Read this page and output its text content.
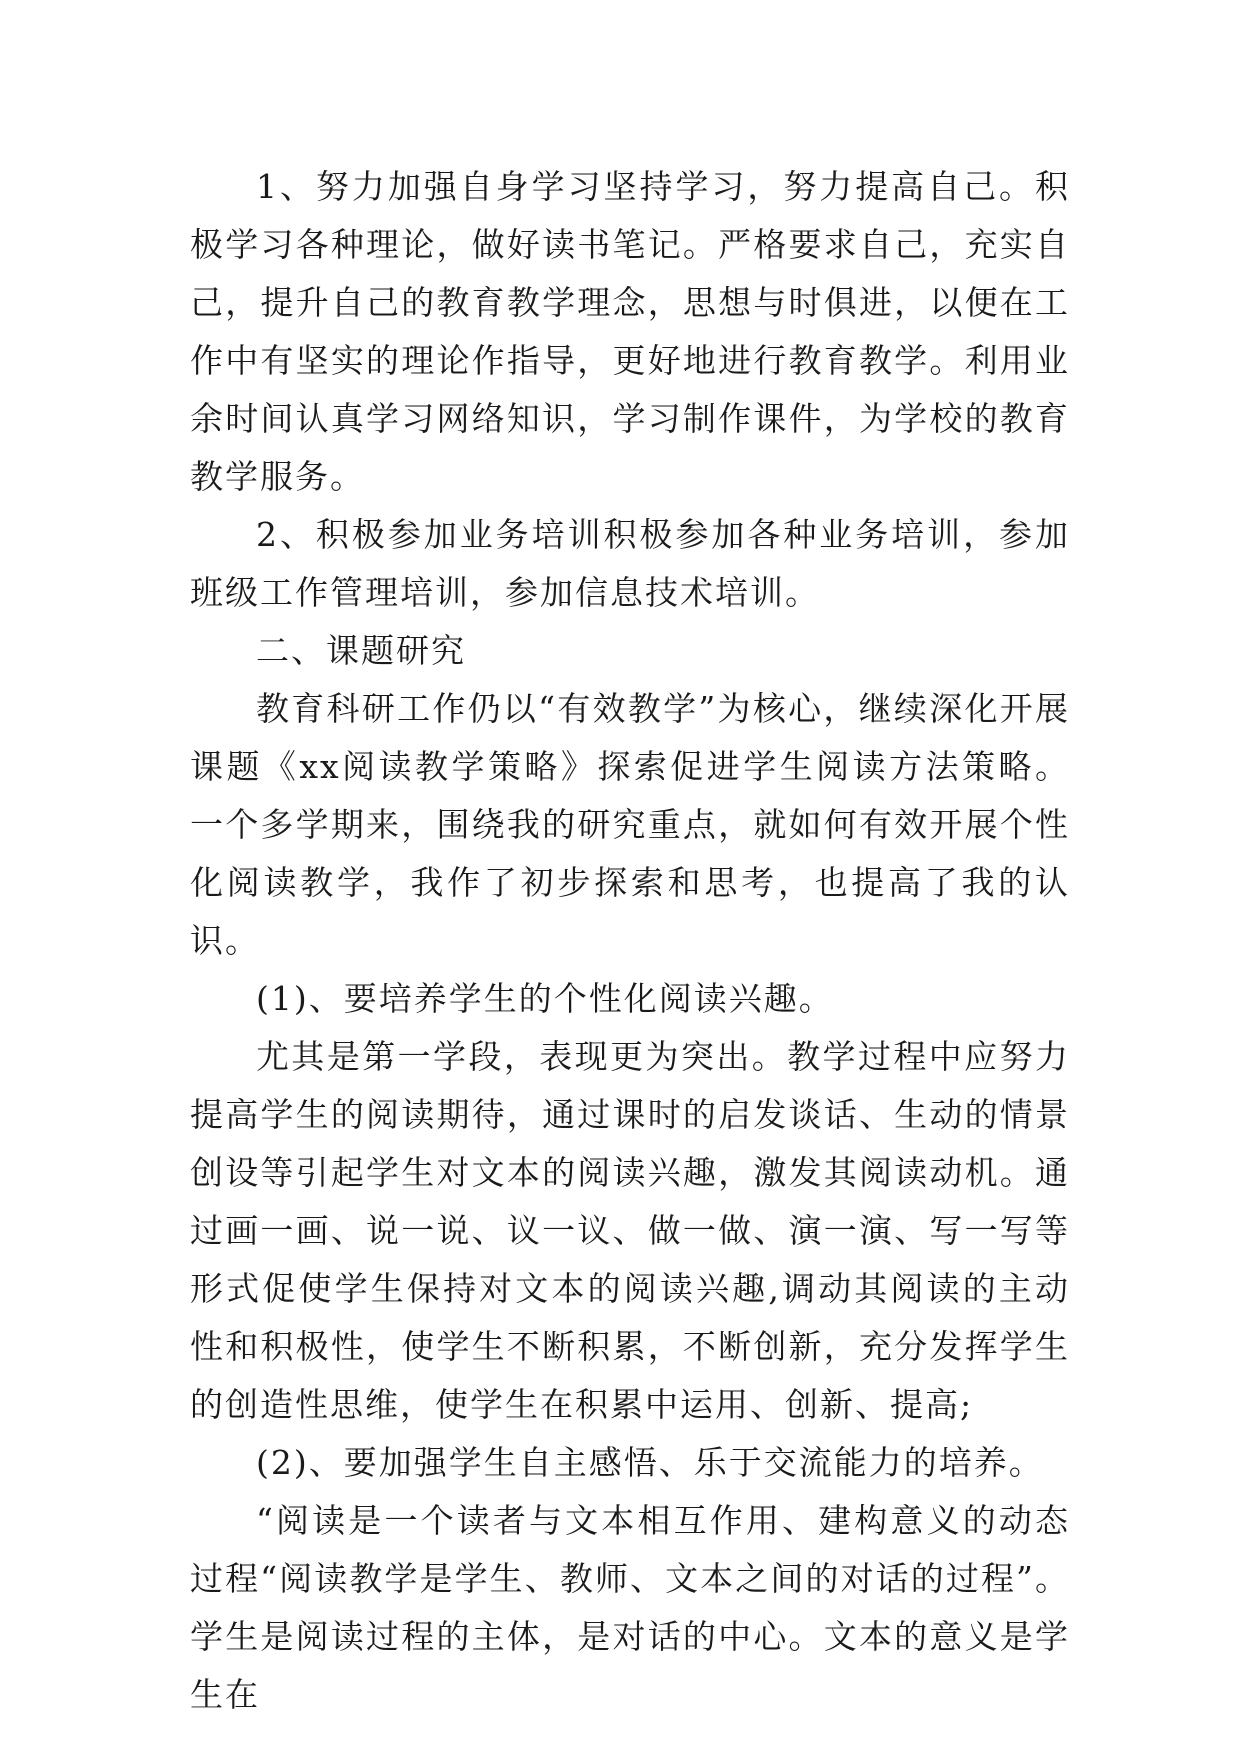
1、努力加强自身学习坚持学习，努力提高自己。积极学习各种理论，做好读书笔记。严格要求自己，充实自己，提升自己的教育教学理念，思想与时俱进，以便在工作中有坚实的理论作指导，更好地进行教育教学。利用业余时间认真学习网络知识，学习制作课件，为学校的教育教学服务。

2、积极参加业务培训积极参加各种业务培训，参加班级工作管理培训，参加信息技术培训。

二、课题研究

教育科研工作仍以“有效教学”为核心，继续深化开展课题《xx阅读教学策略》探索促进学生阅读方法策略。一个多学期来，围绕我的研究重点，就如何有效开展个性化阅读教学，我作了初步探索和思考，也提高了我的认识。

(1)、要培养学生的个性化阅读兴趣。

尤其是第一学段，表现更为突出。教学过程中应努力提高学生的阅读期待，通过课时的启发谈话、生动的情景创设等引起学生对文本的阅读兴趣，激发其阅读动机。通过画一画、说一说、议一议、做一做、演一演、写一写等形式促使学生保持对文本的阅读兴趣,调动其阅读的主动性和积极性，使学生不断积累，不断创新，充分发挥学生的创造性思维，使学生在积累中运用、创新、提高;

(2)、要加强学生自主感悟、乐于交流能力的培养。

“阅读是一个读者与文本相互作用、建构意义的动态过程“阅读教学是学生、教师、文本之间的对话的过程”。学生是阅读过程的主体，是对话的中心。文本的意义是学生在
